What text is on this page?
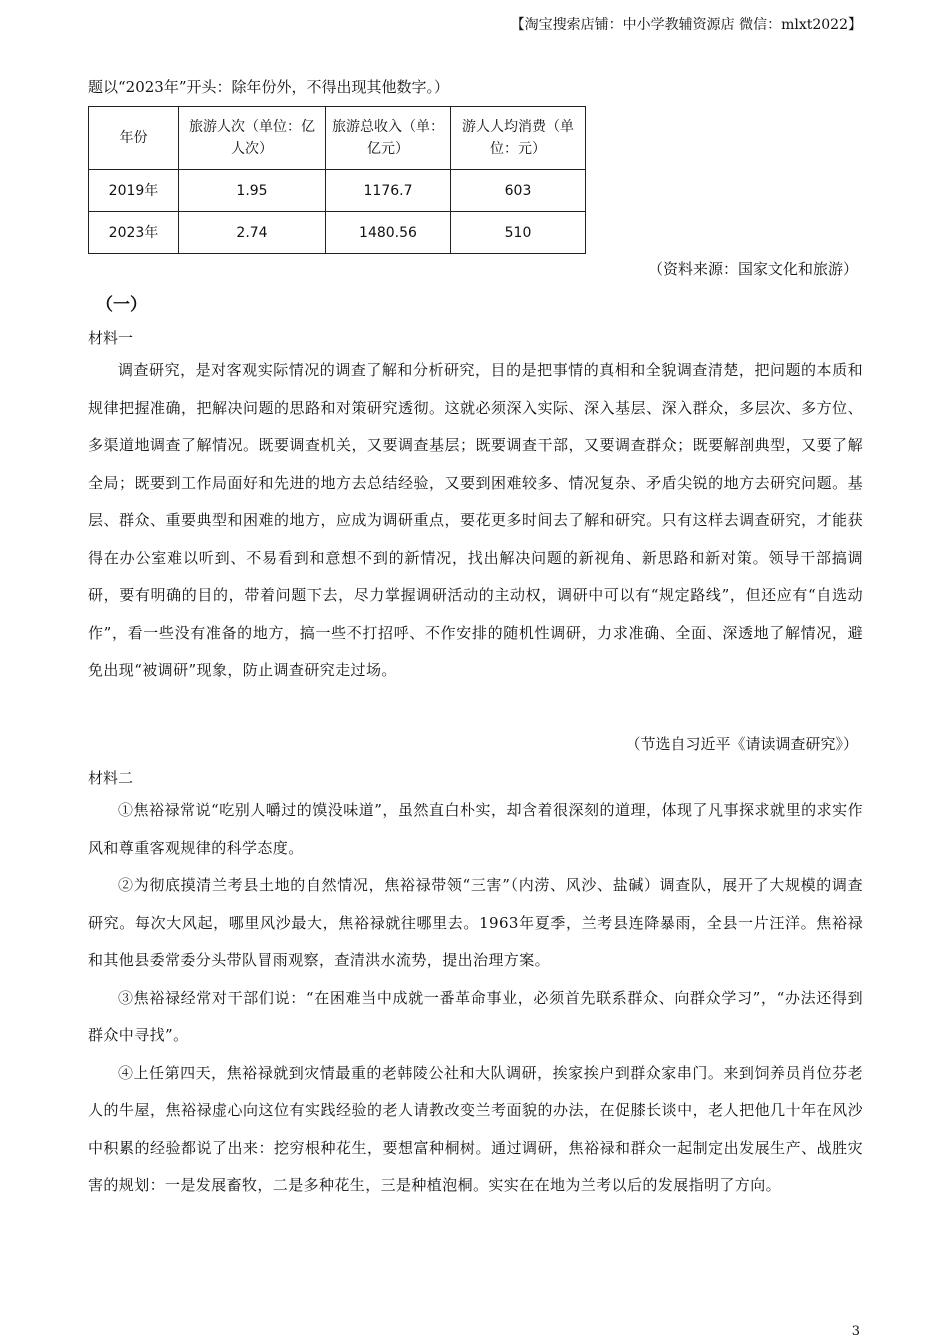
【淘宝搜索店铺：中小学教辅资源店 微信：mlxt2022】
题以“2023年”开头：除年份外，不得出现其他数字。）
年份	旅游人次（单位：亿人次）	旅游总收入（单：亿元）	游人人均消费（单位：元）
2019年	1.95	1176.7	603
2023年	2.74	1480.56	510
（资料来源：国家文化和旅游）
（一）
材料一

调查研究，是对客观实际情况的调查了解和分析研究，目的是把事情的真相和全貌调查清楚，把问题的本质和规律把握准确，把解决问题的思路和对策研究透彻。这就必须深入实际、深入基层、深入群众，多层次、多方位、多渠道地调查了解情况。既要调查机关，又要调查基层；既要调查干部，又要调查群众；既要解剖典型，又要了解全局；既要到工作局面好和先进的地方去总结经验，又要到困难较多、情况复杂、矛盾尖锐的地方去研究问题。基层、群众、重要典型和困难的地方，应成为调研重点，要花更多时间去了解和研究。只有这样去调查研究，才能获得在办公室难以听到、不易看到和意想不到的新情况，找出解决问题的新视角、新思路和新对策。领导干部搞调研，要有明确的目的，带着问题下去，尽力掌握调研活动的主动权，调研中可以有“规定路线”，但还应有“自选动作”，看一些没有准备的地方，搞一些不打招呼、不作安排的随机性调研，力求准确、全面、深透地了解情况，避免出现“被调研”现象，防止调查研究走过场。

（节选自习近平《请读调查研究》）
材料二

①焦裕禄常说“吃别人嚼过的馍没味道”，虽然直白朴实，却含着很深刻的道理，体现了凡事探求就里的求实作风和尊重客观规律的科学态度。

②为彻底摸清兰考县土地的自然情况，焦裕禄带领“三害”（内涝、风沙、盐碱）调查队，展开了大规模的调查研究。每次大风起，哪里风沙最大，焦裕禄就往哪里去。1963年夏季，兰考县连降暴雨，全县一片汪洋。焦裕禄和其他县委常委分头带队冒雨观察，查清洪水流势，提出治理方案。

③焦裕禄经常对干部们说：“在困难当中成就一番革命事业，必须首先联系群众、向群众学习”，“办法还得到群众中寻找”。

④上任第四天，焦裕禄就到灾情最重的老韩陵公社和大队调研，挨家挨户到群众家串门。来到饲养员肖位芬老人的牛屋，焦裕禄虚心向这位有实践经验的老人请教改变兰考面貌的办法，在促膝长谈中，老人把他几十年在风沙中积累的经验都说了出来：挖穷根种花生，要想富种桐树。通过调研，焦裕禄和群众一起制定出发展生产、战胜灾害的规划：一是发展畜牧，二是多种花生，三是种植泡桐。实实在在地为兰考以后的发展指明了方向。

3
